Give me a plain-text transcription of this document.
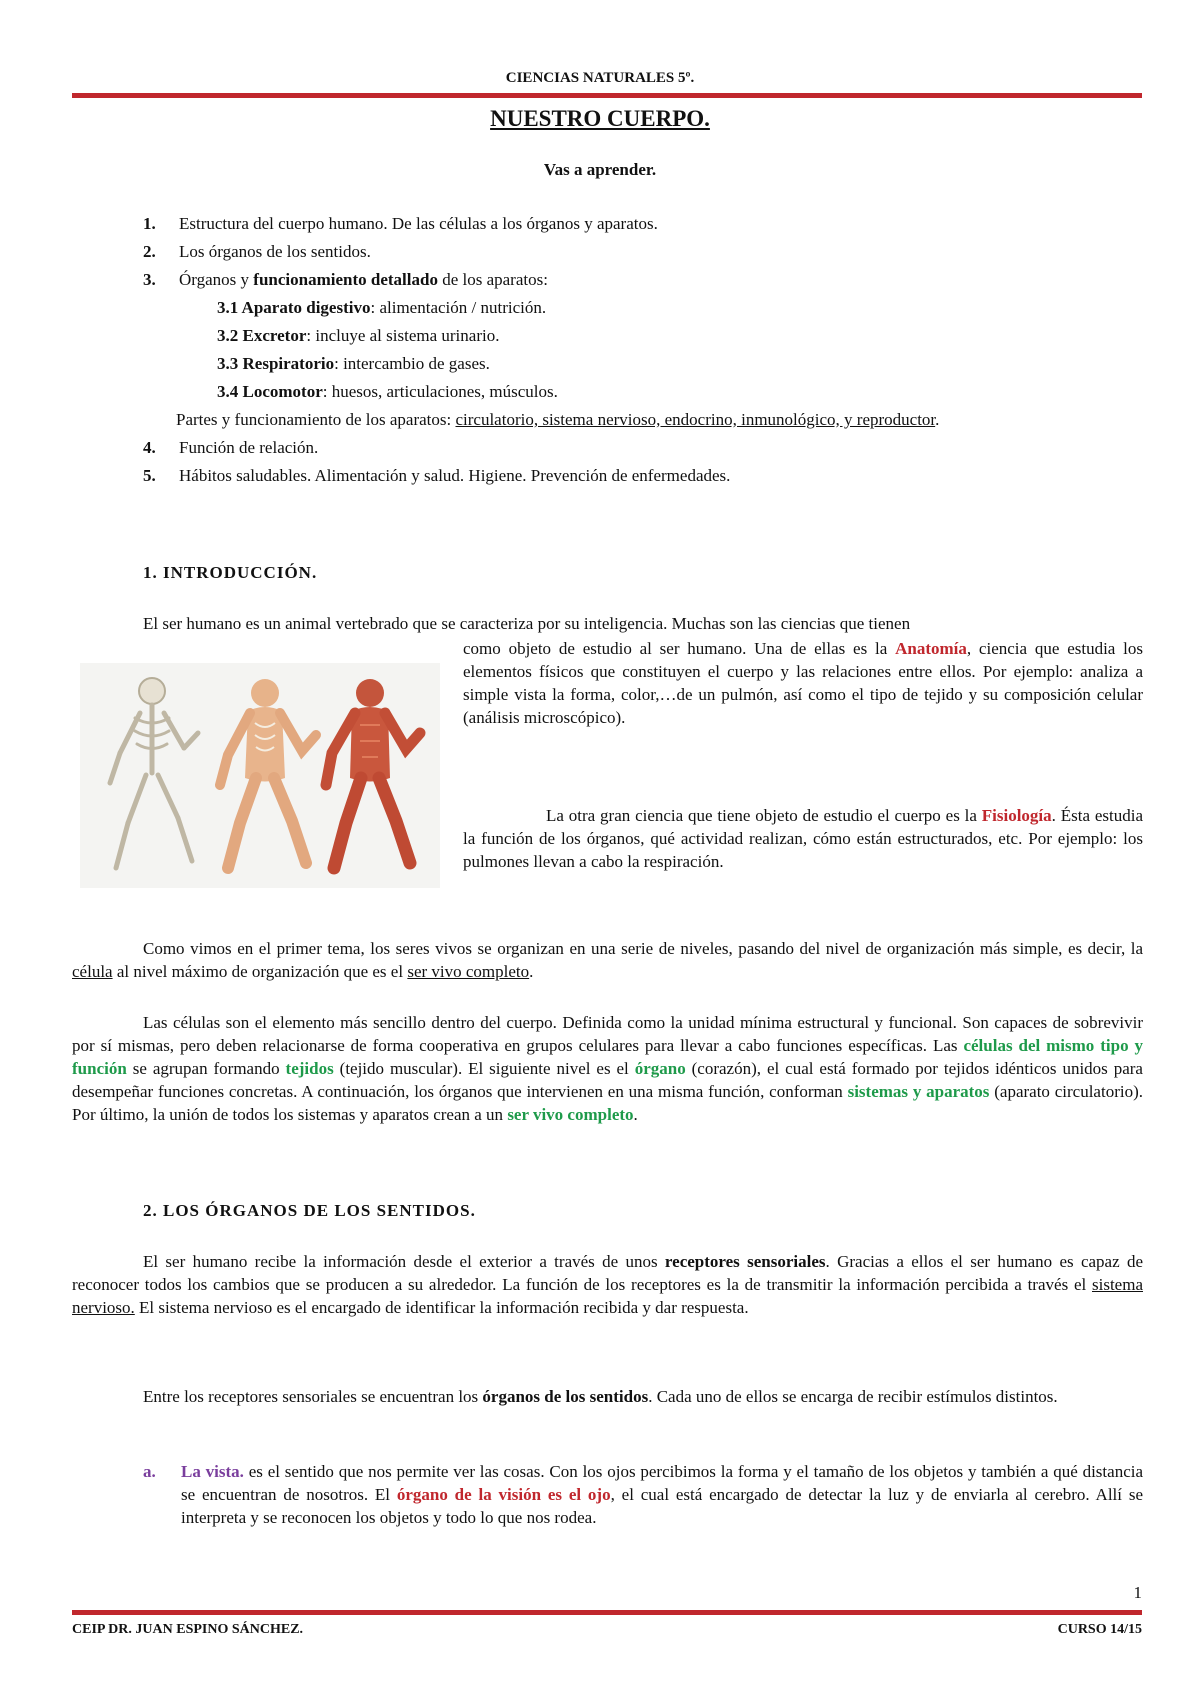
CIENCIAS NATURALES 5º.
NUESTRO CUERPO.
Vas a aprender.
1. Estructura del cuerpo humano. De las células a los órganos y aparatos.
2. Los órganos de los sentidos.
3. Órganos y funcionamiento detallado de los aparatos:
3.1 Aparato digestivo: alimentación / nutrición.
3.2 Excretor: incluye al sistema urinario.
3.3 Respiratorio: intercambio de gases.
3.4 Locomotor: huesos, articulaciones, músculos.
Partes y funcionamiento de los aparatos: circulatorio, sistema nervioso, endocrino, inmunológico, y reproductor.
4. Función de relación.
5. Hábitos saludables. Alimentación y salud. Higiene. Prevención de enfermedades.
1. INTRODUCCIÓN.
El ser humano es un animal vertebrado que se caracteriza por su inteligencia. Muchas son las ciencias que tienen
como objeto de estudio al ser humano. Una de ellas es la Anatomía, ciencia que estudia los elementos físicos que constituyen el cuerpo y las relaciones entre ellos. Por ejemplo: analiza a simple vista la forma, color,…de un pulmón, así como el tipo de tejido y su composición celular (análisis microscópico).
La otra gran ciencia que tiene objeto de estudio el cuerpo es la Fisiología. Ésta estudia la función de los órganos, qué actividad realizan, cómo están estructurados, etc. Por ejemplo: los pulmones llevan a cabo la respiración.
Como vimos en el primer tema, los seres vivos se organizan en una serie de niveles, pasando del nivel de organización más simple, es decir, la célula al nivel máximo de organización que es el ser vivo completo.
Las células son el elemento más sencillo dentro del cuerpo. Definida como la unidad mínima estructural y funcional. Son capaces de sobrevivir por sí mismas, pero deben relacionarse de forma cooperativa en grupos celulares para llevar a cabo funciones específicas. Las células del mismo tipo y función se agrupan formando tejidos (tejido muscular). El siguiente nivel es el órgano (corazón), el cual está formado por tejidos idénticos unidos para desempeñar funciones concretas. A continuación, los órganos que intervienen en una misma función, conforman sistemas y aparatos (aparato circulatorio). Por último, la unión de todos los sistemas y aparatos crean a un ser vivo completo.
2. LOS ÓRGANOS DE LOS SENTIDOS.
El ser humano recibe la información desde el exterior a través de unos receptores sensoriales. Gracias a ellos el ser humano es capaz de reconocer todos los cambios que se producen a su alrededor. La función de los receptores es la de transmitir la información percibida a través el sistema nervioso. El sistema nervioso es el encargado de identificar la información recibida y dar respuesta.
Entre los receptores sensoriales se encuentran los órganos de los sentidos. Cada uno de ellos se encarga de recibir estímulos distintos.
a. La vista. es el sentido que nos permite ver las cosas. Con los ojos percibimos la forma y el tamaño de los objetos y también a qué distancia se encuentran de nosotros. El órgano de la visión es el ojo, el cual está encargado de detectar la luz y de enviarla al cerebro. Allí se interpreta y se reconocen los objetos y todo lo que nos rodea.
1
CEIP DR. JUAN ESPINO SÁNCHEZ.	CURSO 14/15
